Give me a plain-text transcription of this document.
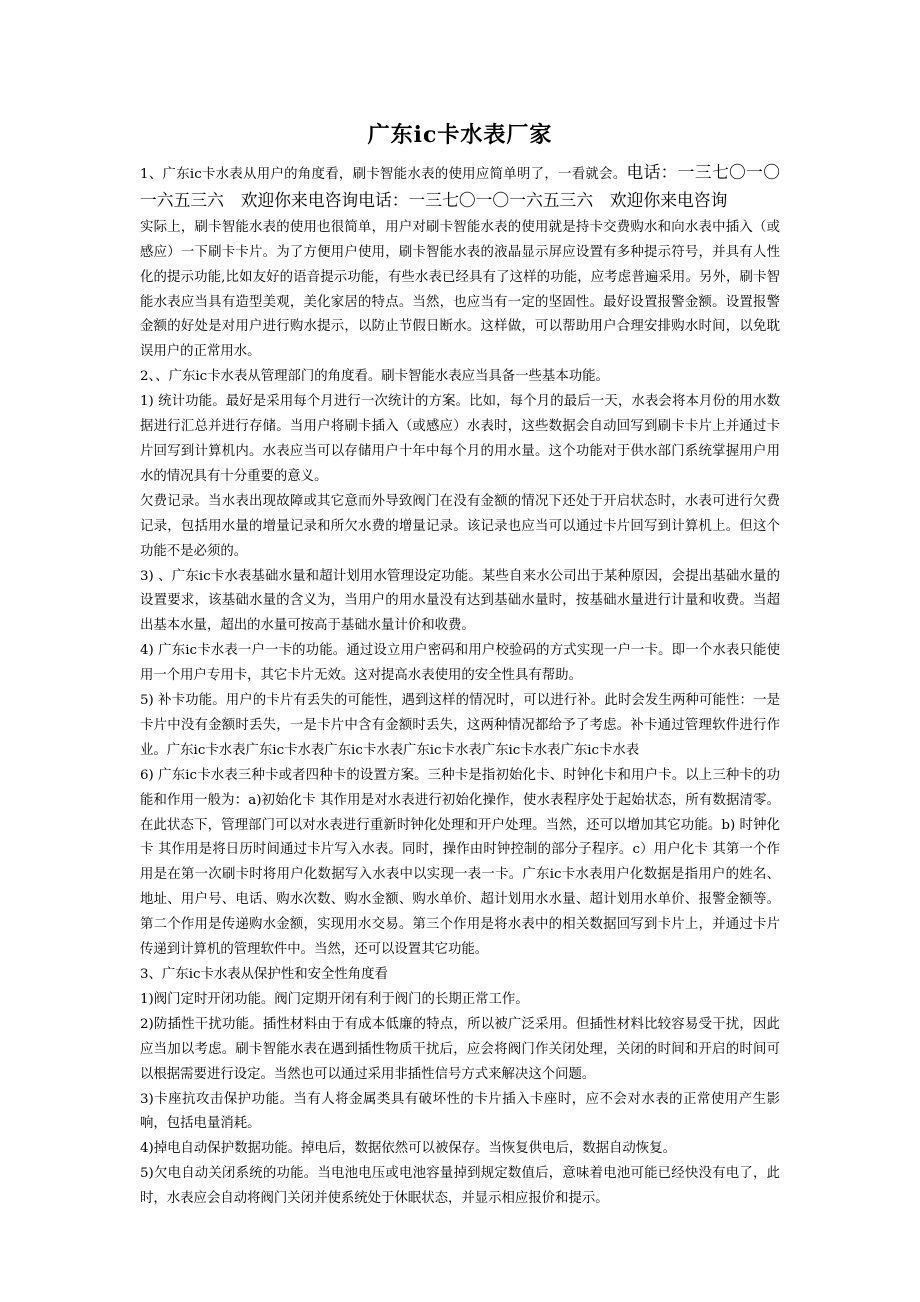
广东ic卡水表厂家

1、广东ic卡水表从用户的角度看，刷卡智能水表的使用应简单明了，一看就会。电话：一三七〇一〇一六五三六　欢迎你来电咨询电话：一三七〇一〇一六五三六　欢迎你来电咨询

实际上，刷卡智能水表的使用也很简单，用户对刷卡智能水表的使用就是持卡交费购水和向水表中插入（或感应）一下刷卡卡片。为了方便用户使用，刷卡智能水表的液晶显示屏应设置有多种提示符号，并具有人性化的提示功能,比如友好的语音提示功能，有些水表已经具有了这样的功能，应考虑普遍采用。另外，刷卡智能水表应当具有造型美观，美化家居的特点。当然，也应当有一定的坚固性。最好设置报警金额。设置报警金额的好处是对用户进行购水提示，以防止节假日断水。这样做，可以帮助用户合理安排购水时间，以免耽误用户的正常用水。

2、、广东ic卡水表从管理部门的角度看。刷卡智能水表应当具备一些基本功能。

1) 统计功能。最好是采用每个月进行一次统计的方案。比如，每个月的最后一天，水表会将本月份的用水数据进行汇总并进行存储。当用户将刷卡插入（或感应）水表时，这些数据会自动回写到刷卡卡片上并通过卡片回写到计算机内。水表应当可以存储用户十年中每个月的用水量。这个功能对于供水部门系统掌握用户用水的情况具有十分重要的意义。

欠费记录。当水表出现故障或其它意而外导致阀门在没有金额的情况下还处于开启状态时，水表可进行欠费记录，包括用水量的增量记录和所欠水费的增量记录。该记录也应当可以通过卡片回写到计算机上。但这个功能不是必须的。

3) 、广东ic卡水表基础水量和超计划用水管理设定功能。某些自来水公司出于某种原因，会提出基础水量的设置要求，该基础水量的含义为，当用户的用水量没有达到基础水量时，按基础水量进行计量和收费。当超出基本水量，超出的水量可按高于基础水量计价和收费。

4) 广东ic卡水表一户一卡的功能。通过设立用户密码和用户校验码的方式实现一户一卡。即一个水表只能使用一个用户专用卡，其它卡片无效。这对提高水表使用的安全性具有帮助。

5) 补卡功能。用户的卡片有丢失的可能性，遇到这样的情况时，可以进行补。此时会发生两种可能性：一是卡片中没有金额时丢失，一是卡片中含有金额时丢失，这两种情况都给予了考虑。补卡通过管理软件进行作业。广东ic卡水表广东ic卡水表广东ic卡水表广东ic卡水表广东ic卡水表广东ic卡水表

6) 广东ic卡水表三种卡或者四种卡的设置方案。三种卡是指初始化卡、时钟化卡和用户卡。以上三种卡的功能和作用一般为：a)初始化卡 其作用是对水表进行初始化操作，使水表程序处于起始状态，所有数据清零。在此状态下，管理部门可以对水表进行重新时钟化处理和开户处理。当然，还可以增加其它功能。b) 时钟化卡 其作用是将日历时间通过卡片写入水表。同时，操作由时钟控制的部分子程序。c）用户化卡 其第一个作用是在第一次刷卡时将用户化数据写入水表中以实现一表一卡。广东ic卡水表用户化数据是指用户的姓名、地址、用户号、电话、购水次数、购水金额、购水单价、超计划用水水量、超计划用水单价、报警金额等。第二个作用是传递购水金额，实现用水交易。第三个作用是将水表中的相关数据回写到卡片上，并通过卡片传递到计算机的管理软件中。当然，还可以设置其它功能。

3、广东ic卡水表从保护性和安全性角度看

1)阀门定时开闭功能。阀门定期开闭有利于阀门的长期正常工作。

2)防插性干扰功能。插性材料由于有成本低廉的特点，所以被广泛采用。但插性材料比较容易受干扰，因此应当加以考虑。刷卡智能水表在遇到插性物质干扰后，应会将阀门作关闭处理，关闭的时间和开启的时间可以根据需要进行设定。当然也可以通过采用非插性信号方式来解决这个问题。

3)卡座抗攻击保护功能。当有人将金属类具有破坏性的卡片插入卡座时，应不会对水表的正常使用产生影响，包括电量消耗。

4)掉电自动保护数据功能。掉电后，数据依然可以被保存。当恢复供电后，数据自动恢复。

5)欠电自动关闭系统的功能。当电池电压或电池容量掉到规定数值后，意味着电池可能已经快没有电了，此时，水表应会自动将阀门关闭并使系统处于休眠状态，并显示相应报价和提示。
